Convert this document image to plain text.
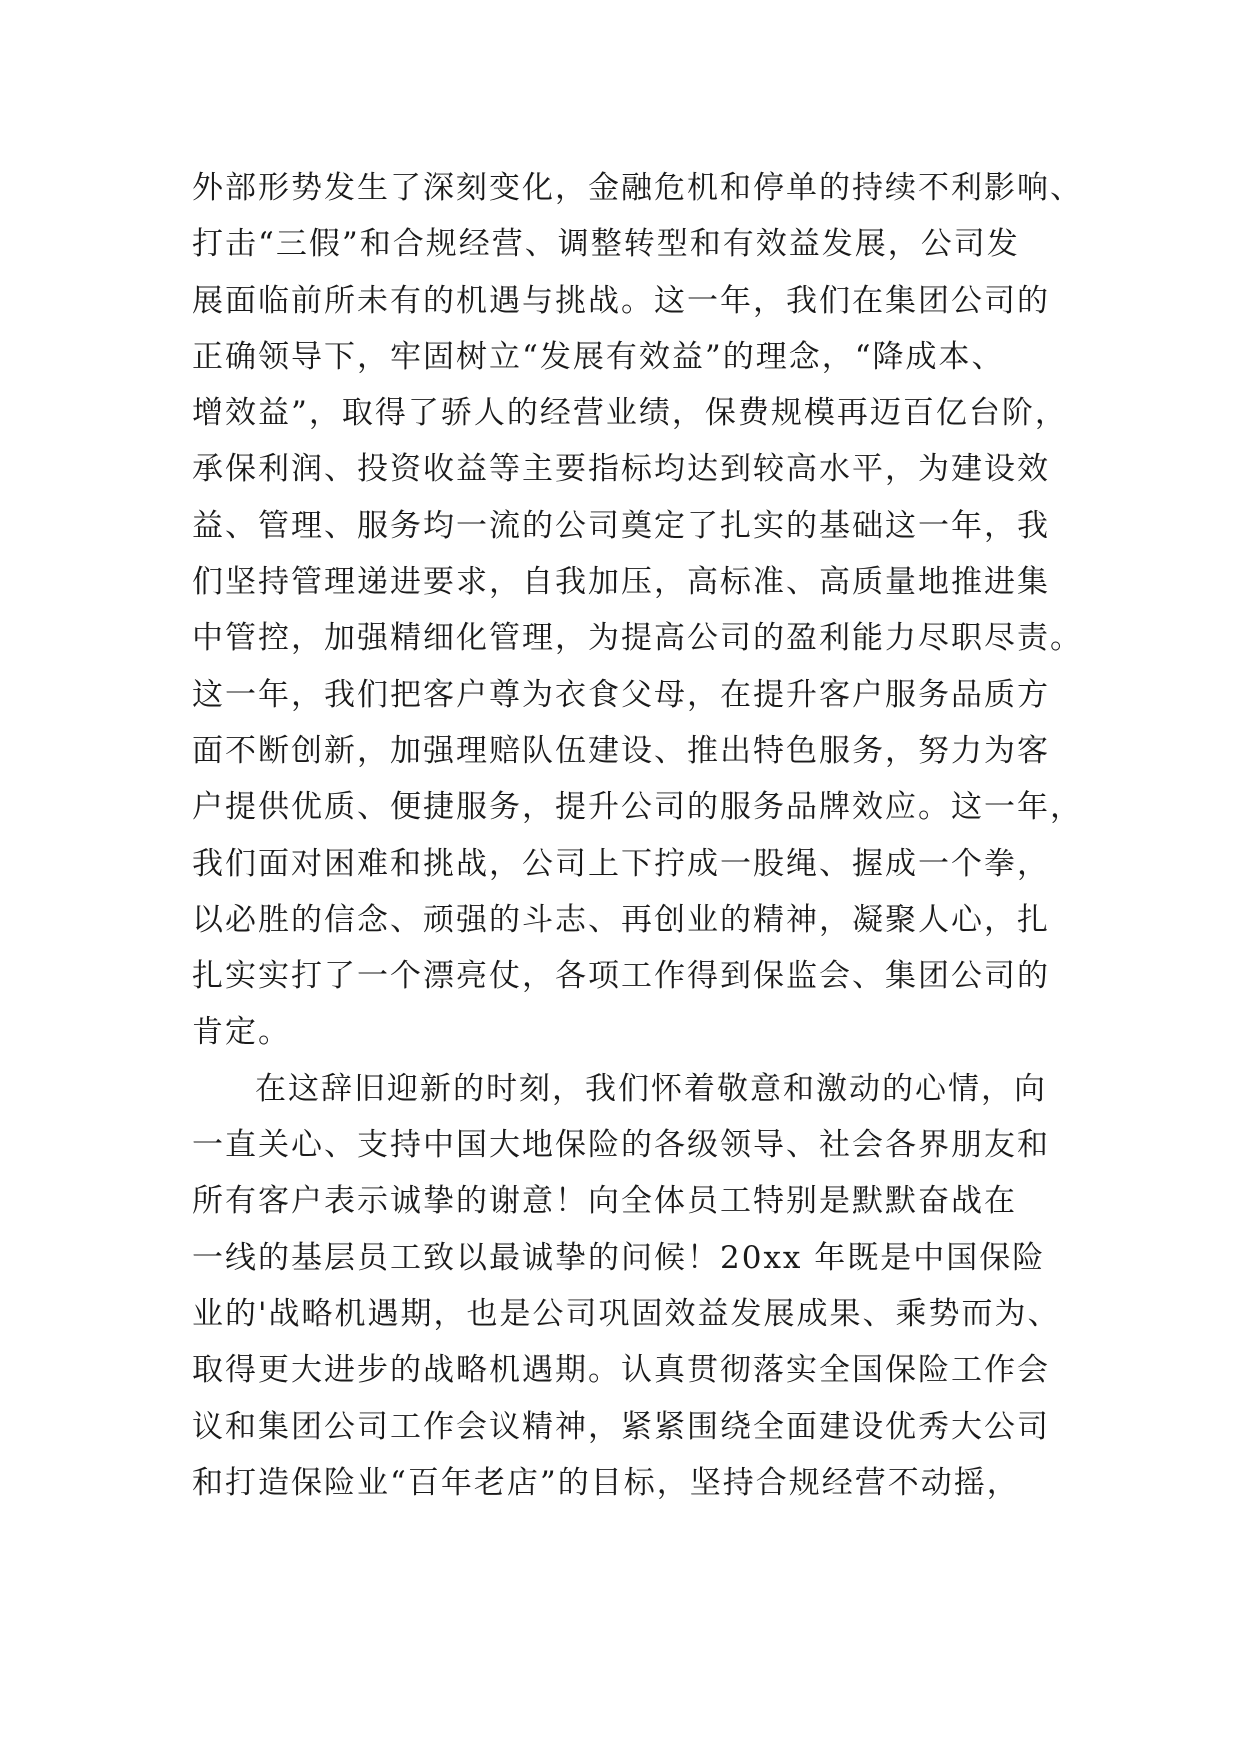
外部形势发生了深刻变化，金融危机和停单的持续不利影响、
打击“三假”和合规经营、调整转型和有效益发展，公司发
展面临前所未有的机遇与挑战。这一年，我们在集团公司的
正确领导下，牢固树立“发展有效益”的理念，“降成本、
增效益”，取得了骄人的经营业绩，保费规模再迈百亿台阶，
承保利润、投资收益等主要指标均达到较高水平，为建设效
益、管理、服务均一流的公司奠定了扎实的基础这一年，我
们坚持管理递进要求，自我加压，高标准、高质量地推进集
中管控，加强精细化管理，为提高公司的盈利能力尽职尽责。
这一年，我们把客户尊为衣食父母，在提升客户服务品质方
面不断创新，加强理赔队伍建设、推出特色服务，努力为客
户提供优质、便捷服务，提升公司的服务品牌效应。这一年，
我们面对困难和挑战，公司上下拧成一股绳、握成一个拳，
以必胜的信念、顽强的斗志、再创业的精神，凝聚人心，扎
扎实实打了一个漂亮仗，各项工作得到保监会、集团公司的
肯定。
在这辞旧迎新的时刻，我们怀着敬意和激动的心情，向
一直关心、支持中国大地保险的各级领导、社会各界朋友和
所有客户表示诚挚的谢意！向全体员工特别是默默奋战在
一线的基层员工致以最诚挚的问候！20xx 年既是中国保险
业的'战略机遇期，也是公司巩固效益发展成果、乘势而为、
取得更大进步的战略机遇期。认真贯彻落实全国保险工作会
议和集团公司工作会议精神，紧紧围绕全面建设优秀大公司
和打造保险业“百年老店”的目标，坚持合规经营不动摇，
